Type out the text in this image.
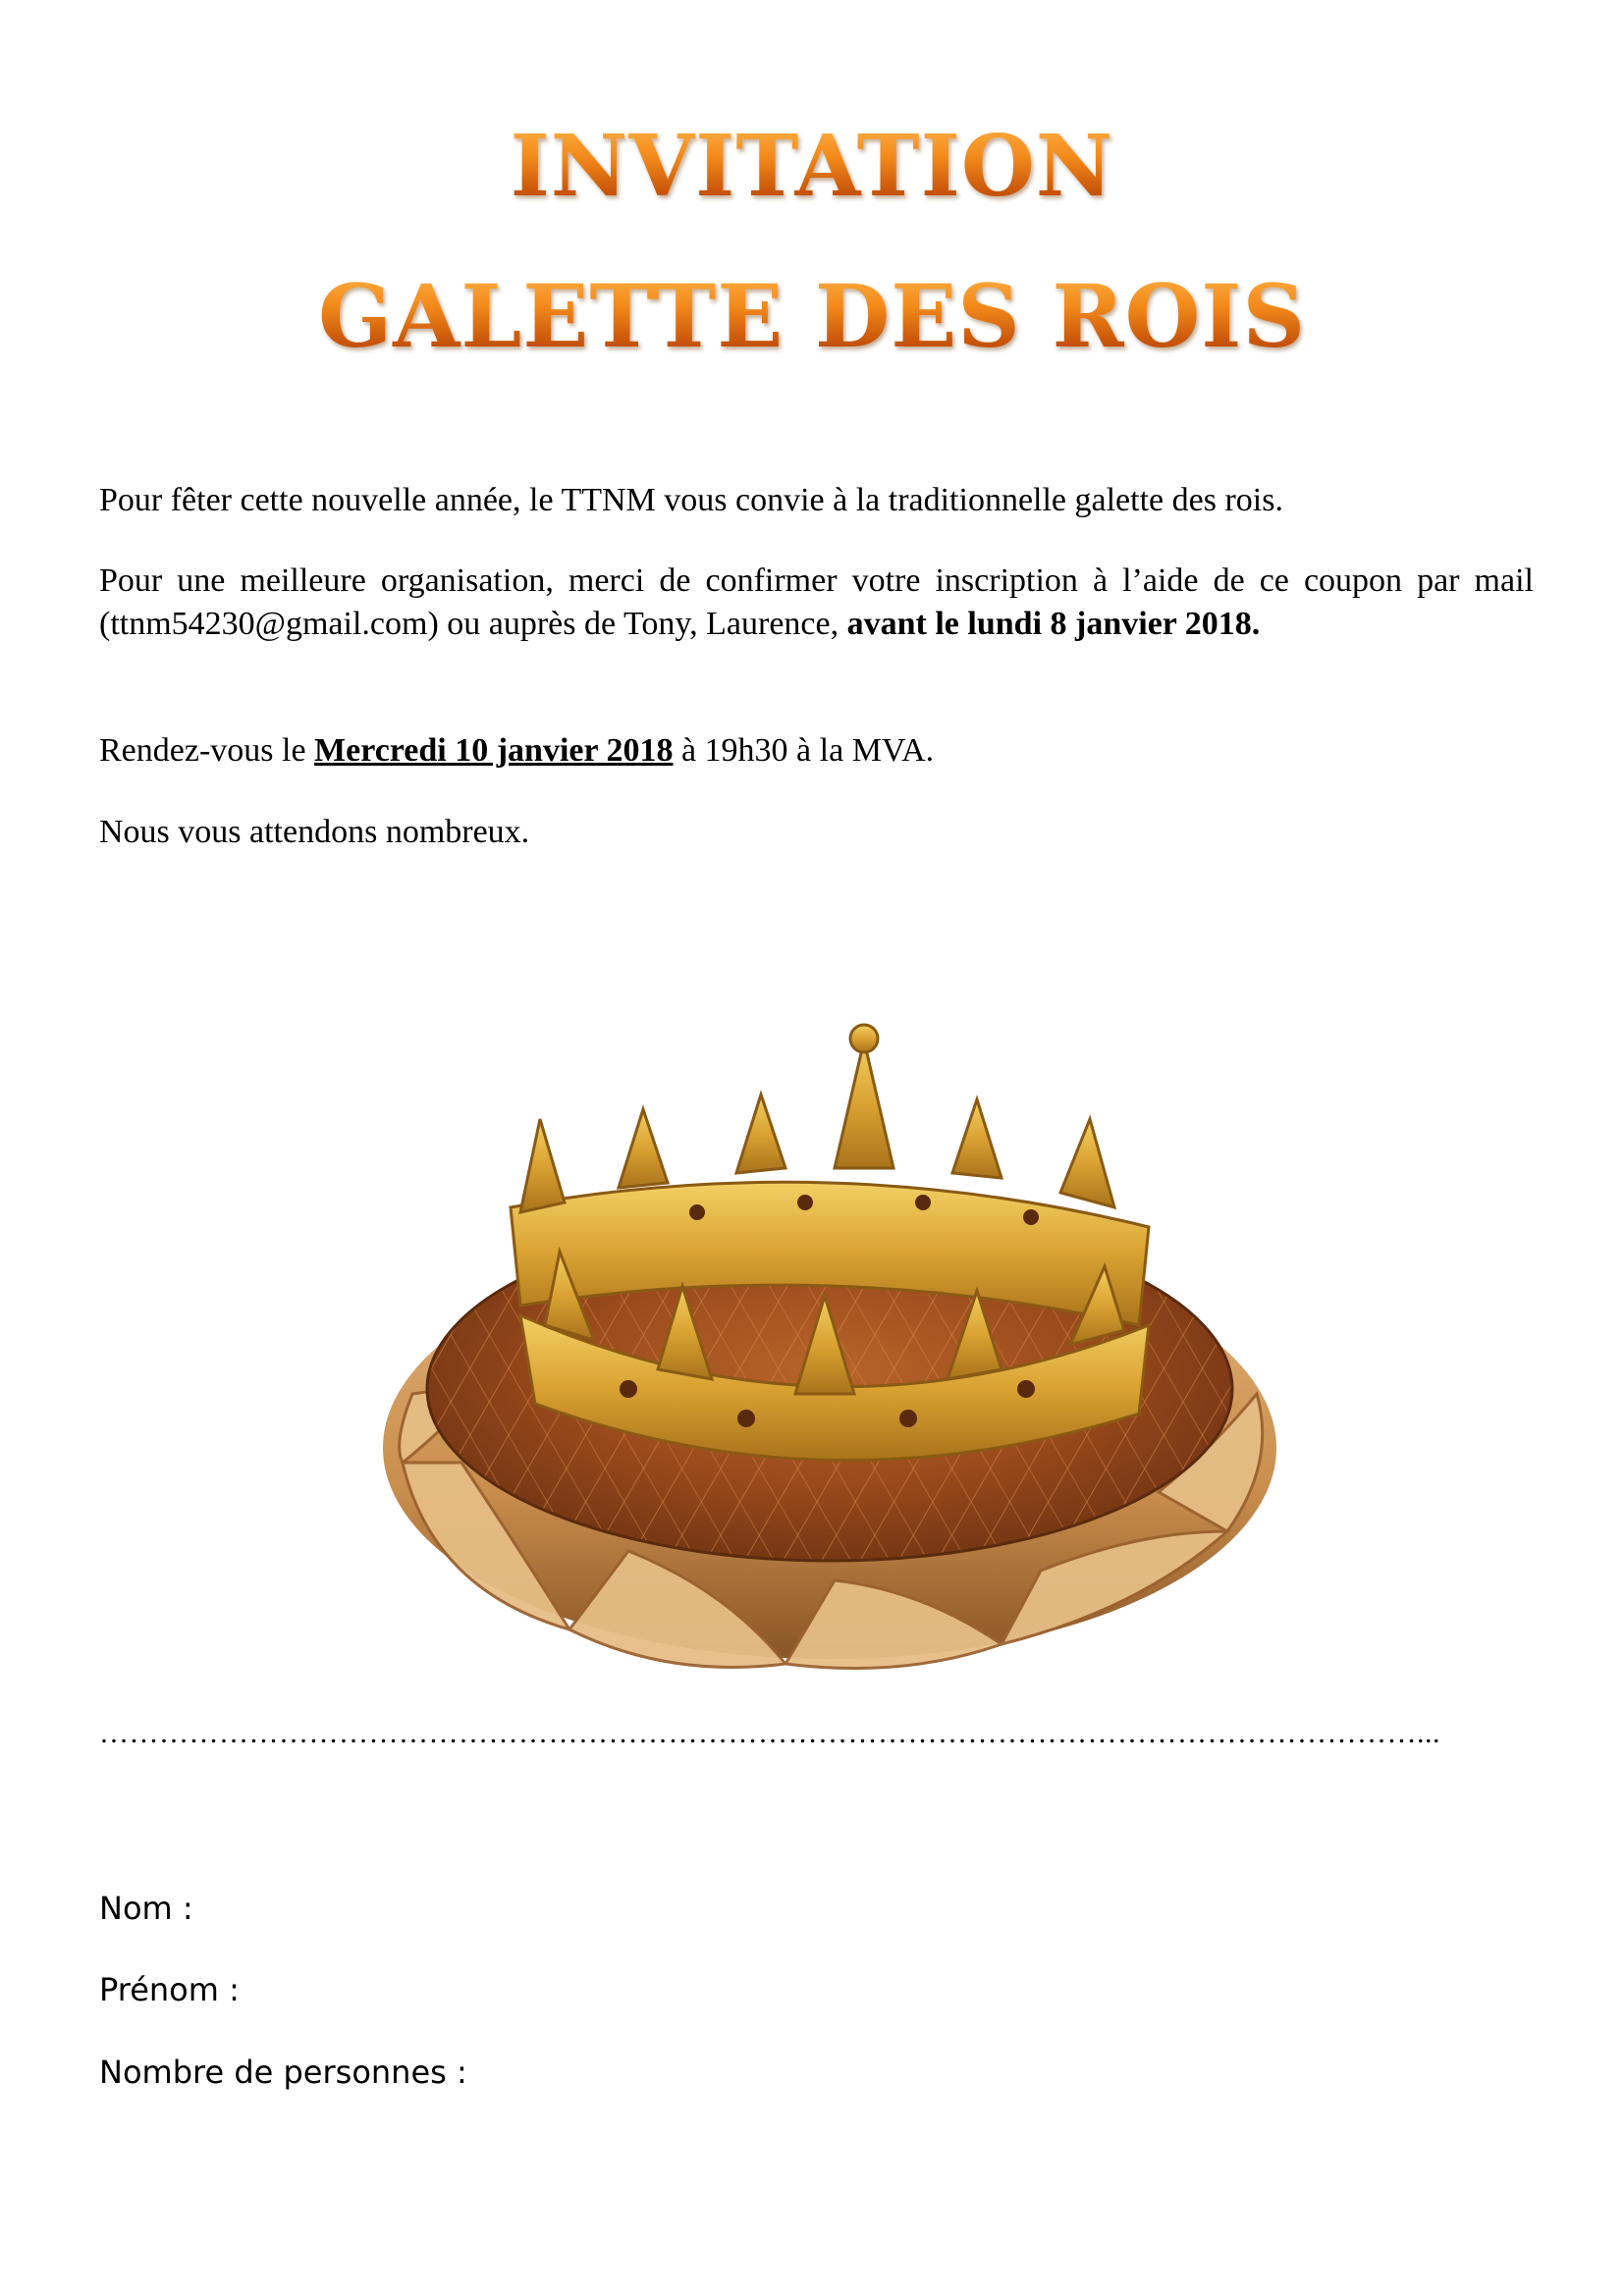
INVITATION
GALETTE DES ROIS

Pour fêter cette nouvelle année, le TTNM vous convie à la traditionnelle galette des rois.

Pour une meilleure organisation, merci de confirmer votre inscription à l’aide de ce coupon par mail (ttnm54230@gmail.com) ou auprès de Tony, Laurence, avant le lundi 8 janvier 2018.

Rendez-vous le Mercredi 10 janvier 2018 à 19h30 à la MVA.

Nous vous attendons nombreux.

……………………………………………………………………………………………………………………...

Nom :

Prénom :

Nombre de personnes :
